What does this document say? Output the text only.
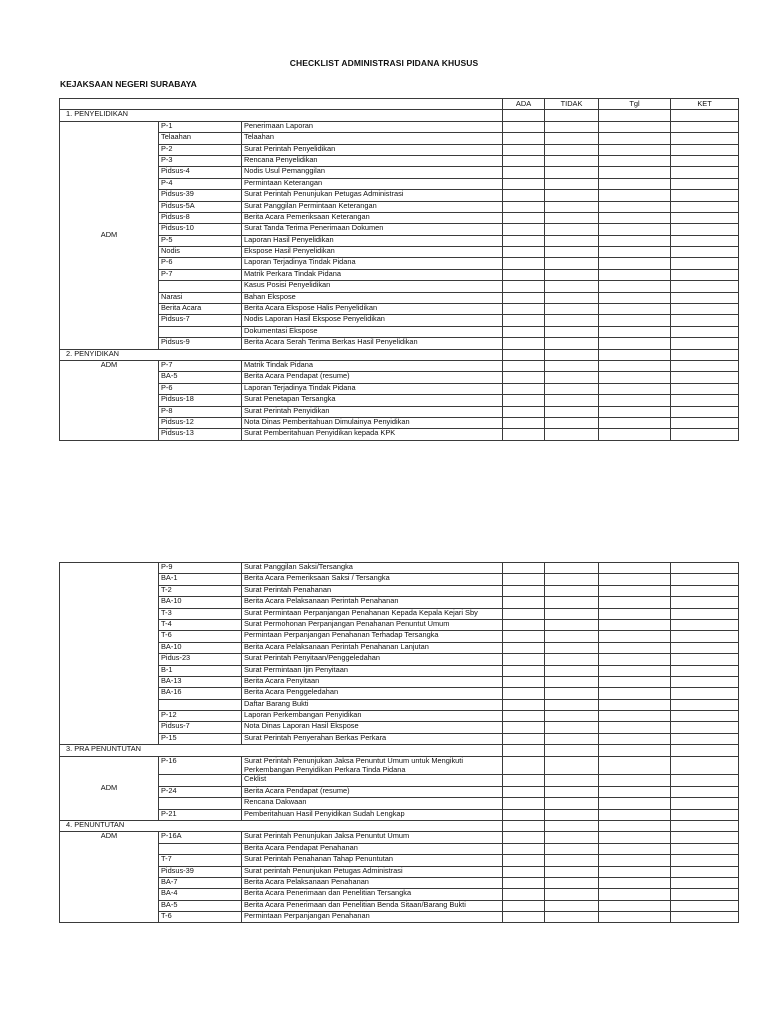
CHECKLIST ADMINISTRASI PIDANA KHUSUS
KEJAKSAAN NEGERI SURABAYA
			ADA	TIDAK	Tgl	KET
1. PENYELIDIKAN						
ADM	P-1	Penerimaan Laporan				
	Telaahan	Telaahan				
	P-2	Surat Perintah Penyelidikan				
	P-3	Rencana Penyelidikan				
	Pidsus-4	Nodis Usul Pemanggilan				
	P-4	Permintaan Keterangan				
	Pidsus-39	Surat Perintah Penunjukan Petugas Administrasi				
	Pidsus-5A	Surat Panggilan Permintaan Keterangan				
	Pidsus-8	Berita Acara Pemeriksaan Keterangan				
	Pidsus-10	Surat Tanda Terima Penerimaan Dokumen				
	P-5	Laporan Hasil Penyelidikan				
	Nodis	Ekspose Hasil Penyelidikan				
	P-6	Laporan Terjadinya Tindak Pidana				
	P-7	Matrik Perkara Tindak Pidana				
		Kasus Posisi Penyelidikan				
	Narasi	Bahan Ekspose				
	Berita Acara	Berita Acara Ekspose Halis Penyelidikan				
	Pidsus-7	Nodis Laporan Hasil Ekspose Penyelidikan				
		Dokumentasi Ekspose				
	Pidsus-9	Berita Acara Serah Terima Berkas Hasil Penyelidikan				
2. PENYIDIKAN						
ADM	P-7	Matrik Tindak Pidana				
	BA-5	Berita Acara Pendapat (resume)				
	P-6	Laporan Terjadinya Tindak Pidana				
	Pidsus-18	Surat Penetapan Tersangka				
	P-8	Surat Perintah Penyidikan				
	Pidsus-12	Nota Dinas Pemberitahuan Dimulainya Penyidikan				
	Pidsus-13	Surat Pemberitahuan Penyidikan kepada KPK				
	P-9	Surat Panggilan Saksi/Tersangka				
	BA-1	Berita Acara Pemeriksaan Saksi / Tersangka				
	T-2	Surat Perintah Penahanan				
	BA-10	Berita Acara Pelaksanaan Perintah Penahanan				
	T-3	Surat Permintaan Perpanjangan Penahanan Kepada Kepala Kejari Sby				
	T-4	Surat Permohonan Perpanjangan Penahanan Penuntut Umum				
	T-6	Permintaan Perpanjangan Penahanan Terhadap Tersangka				
	BA-10	Berita Acara Pelaksanaan Perintah Penahanan Lanjutan				
	Pidus-23	Surat Perintah Penyitaan/Penggeledahan				
	B-1	Surat Permintaan Ijin Penyitaan				
	BA-13	Berita Acara Penyitaan				
	BA-16	Berita Acara Penggeledahan				
		Daftar Barang Bukti				
	P-12	Laporan Perkembangan Penyidikan				
	Pidsus-7	Nota Dinas Laporan Hasil Ekspose				
	P-15	Surat Perintah Penyerahan Berkas Perkara				
3. PRA PENUNTUTAN						
ADM	P-16	Surat Perintah Penunjukan Jaksa Penuntut Umum untuk Mengikuti Perkembangan Penyidikan Perkara Tinda Pidana				
		Ceklist				
	P-24	Berita Acara Pendapat (resume)				
		Rencana Dakwaan				
	P-21	Pemberitahuan Hasil Penyidikan Sudah Lengkap				
4. PENUNTUTAN						
ADM	P-16A	Surat Perintah Penunjukan Jaksa Penuntut Umum				
		Berita Acara Pendapat Penahanan				
	T-7	Surat Perintah Penahanan Tahap Penuntutan				
	Pidsus-39	Surat perintah Penunjukan Petugas Administrasi				
	BA-7	Berita Acara Pelaksanaan Penahanan				
	BA-4	Berita Acara Penerimaan dan Penelitian Tersangka				
	BA-5	Berita Acara Penerimaan dan Penelitian Benda Sitaan/Barang Bukti				
	T-6	Permintaan Perpanjangan Penahanan				
